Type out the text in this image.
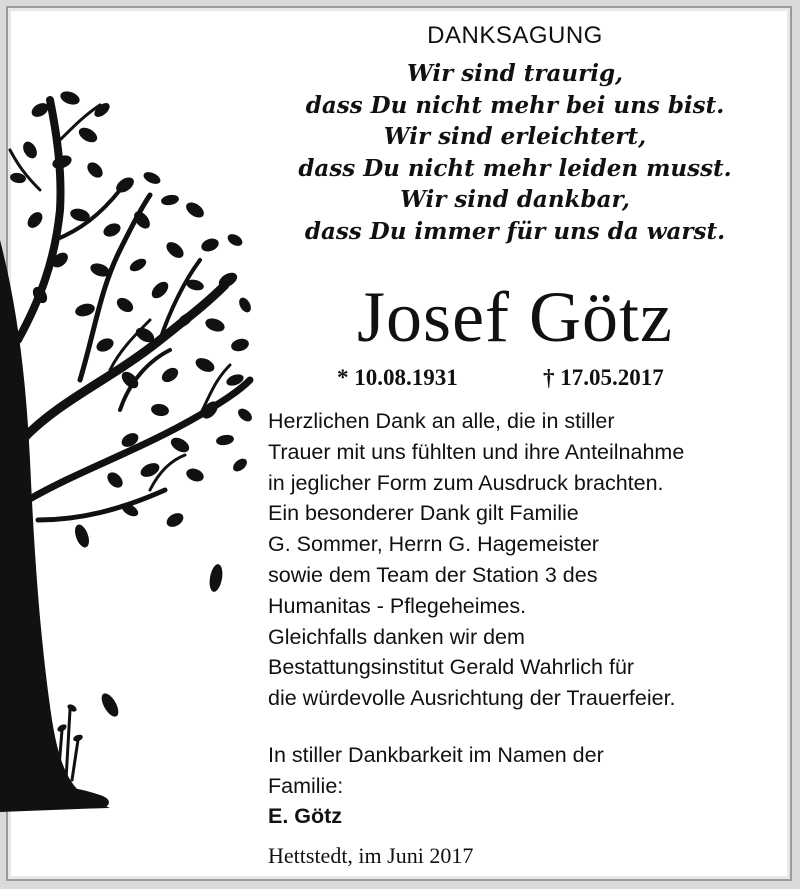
DANKSAGUNG
Wir sind traurig,
dass Du nicht mehr bei uns bist.
Wir sind erleichtert,
dass Du nicht mehr leiden musst.
Wir sind dankbar,
dass Du immer für uns da warst.
Josef Götz
* 10.08.1931	† 17.05.2017
Herzlichen Dank an alle, die in stiller
Trauer mit uns fühlten und ihre Anteilnahme
in jeglicher Form zum Ausdruck brachten.
Ein besonderer Dank gilt Familie
G. Sommer, Herrn G. Hagemeister
sowie dem Team der Station 3 des
Humanitas - Pflegeheimes.
Gleichfalls danken wir dem
Bestattungsinstitut Gerald Wahrlich für
die würdevolle Ausrichtung der Trauerfeier.
In stiller Dankbarkeit im Namen der
Familie:
E. Götz
Hettstedt, im Juni 2017
